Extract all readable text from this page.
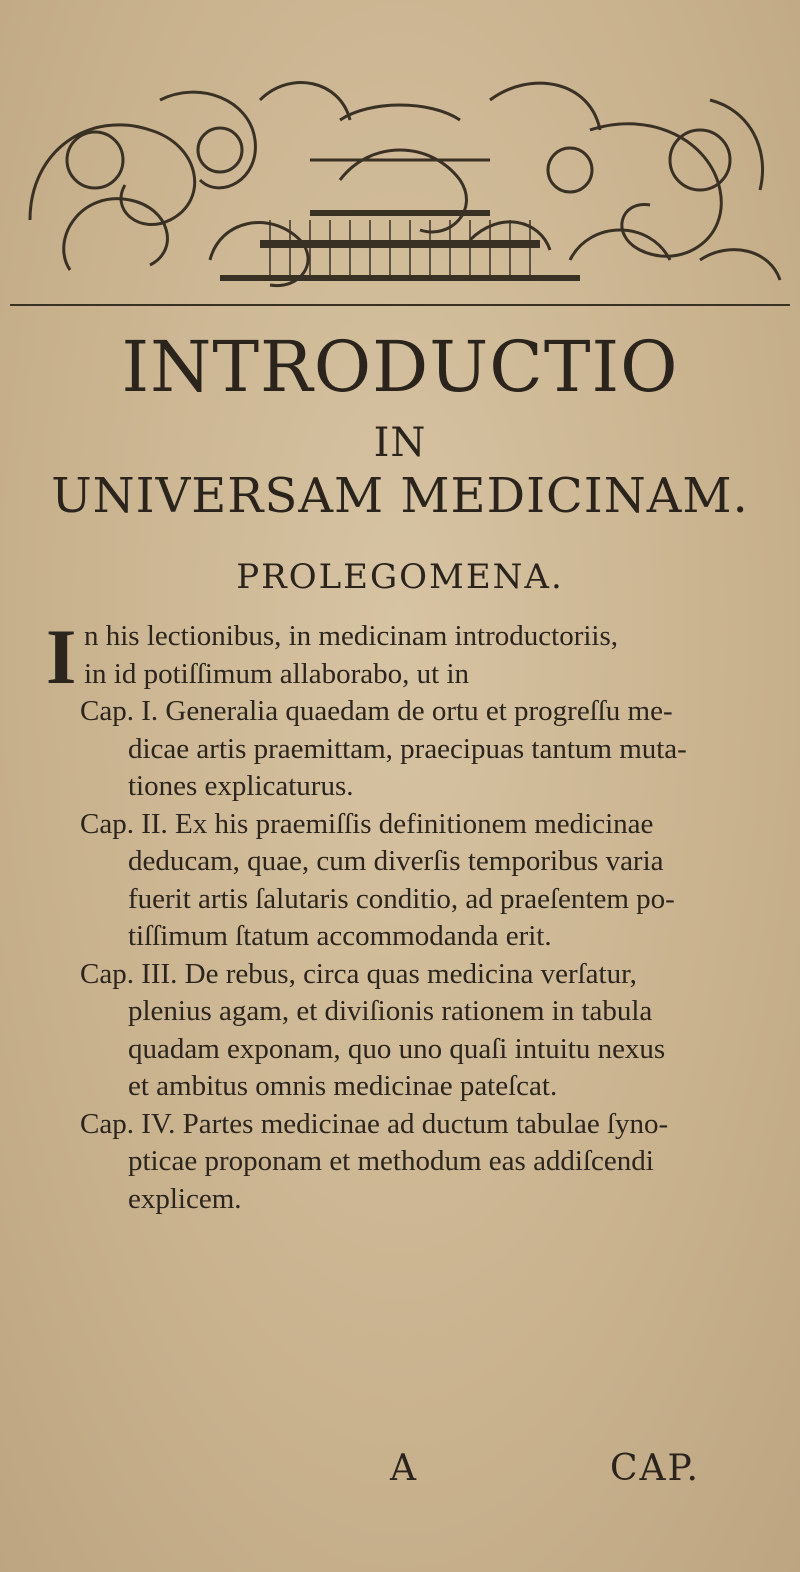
INTRODUCTIO
IN
UNIVERSAM MEDICINAM.
PROLEGOMENA.
I n his lectionibus, in medicinam introductoriis,
in id potiſſimum allaborabo, ut in
Cap. I. Generalia quaedam de ortu et progreſſu me-
dicae artis praemittam, praecipuas tantum muta-
tiones explicaturus.
Cap. II. Ex his praemiſſis definitionem medicinae
deducam, quae, cum diverſis temporibus varia
fuerit artis ſalutaris conditio, ad praeſentem po-
tiſſimum ſtatum accommodanda erit.
Cap. III. De rebus, circa quas medicina verſatur,
plenius agam, et diviſionis rationem in tabula
quadam exponam, quo uno quaſi intuitu nexus
et ambitus omnis medicinae pateſcat.
Cap. IV. Partes medicinae ad ductum tabulae ſyno-
pticae proponam et methodum eas addiſcendi
explicem.
A	CAP.
